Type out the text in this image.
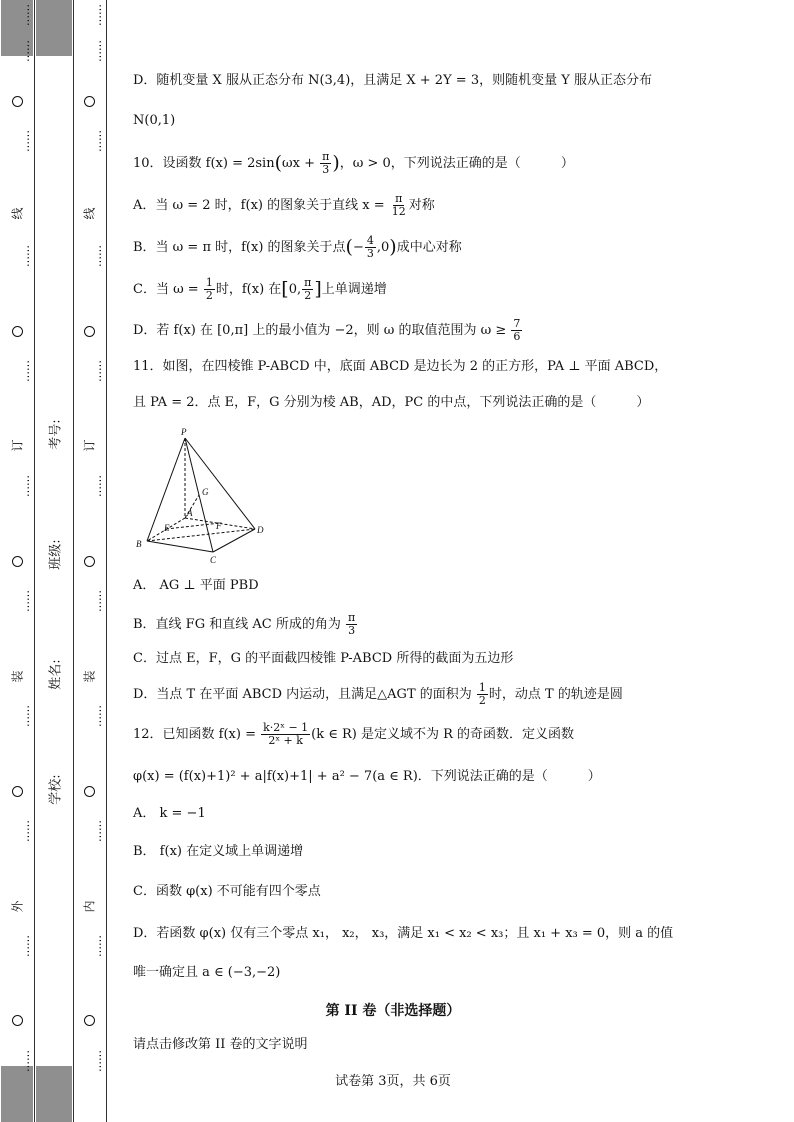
考号:
班级:
姓名:
学校:
⋯⋯
⋯⋯
⋯⋯
线
⋯⋯
⋯⋯
订
⋯⋯
⋯⋯
装
⋯⋯
⋯⋯
外
⋯⋯
⋯⋯
⋯⋯
⋯⋯
⋯⋯
线
⋯⋯
⋯⋯
订
⋯⋯
⋯⋯
装
⋯⋯
⋯⋯
内
⋯⋯
⋯⋯
D．随机变量 X 服从正态分布 N(3,4)，且满足 X + 2Y = 3，则随机变量 Y 服从正态分布
N(0,1)
10．设函数 $f(x) = 2\sin(\omega x + \frac{\pi}{3}$ )，ω > 0，下列说法正确的是（	）
A．当 ω = 2 时，f(x) 的图象关于直线 $x = \frac{\pi}{12}$ 对称
B．当 ω = π 时，f(x) 的图象关于点(− $\frac{4}{3} ,0$)成中心对称
C．当 $\omega = \frac{1}{2}$ 时，f(x) 在[0, $\frac{\pi}{2}$ ]上单调递增
D．若 f(x) 在 [0,π] 上的最小值为 −2，则 ω 的取值范围为 $\omega \ge \frac{7}{6}$
11．如图，在四棱锥 P-ABCD 中，底面 ABCD 是边长为 2 的正方形，PA ⊥ 平面 ABCD，
且 PA = 2．点 E，F，G 分别为棱 AB，AD，PC 的中点，下列说法正确的是（	）
P
G
A
E	F
B
C
D
A． AG ⊥ 平面 PBD
B．直线 FG 和直线 AC 所成的角为 $\frac{\pi}{3}$
C．过点 E，F，G 的平面截四棱锥 P-ABCD 所得的截面为五边形
D．当点 T 在平面 ABCD 内运动，且满足△AGT 的面积为 $\frac{1}{2}$ 时，动点 T 的轨迹是圆
12．已知函数 $f(x) = \frac{\text{k·2ˣ − 1}}{\text{2ˣ + k}} (k$ ∈ R) 是定义域不为 R 的奇函数．定义函数
φ(x) = (f(x)+1)² + a|f(x)+1| + a² − 7(a ∈ R)．下列说法正确的是（	）
A． k = −1
B． f(x) 在定义域上单调递增
C．函数 φ(x) 不可能有四个零点
D．若函数 φ(x) 仅有三个零点 x₁， x₂， x₃，满足 x₁ < x₂ < x₃；且 x₁ + x₃ = 0，则 a 的值
唯一确定且 a ∈ (−3,−2)
第 II 卷（非选择题）
请点击修改第 II 卷的文字说明
试卷第 3页，共 6页
